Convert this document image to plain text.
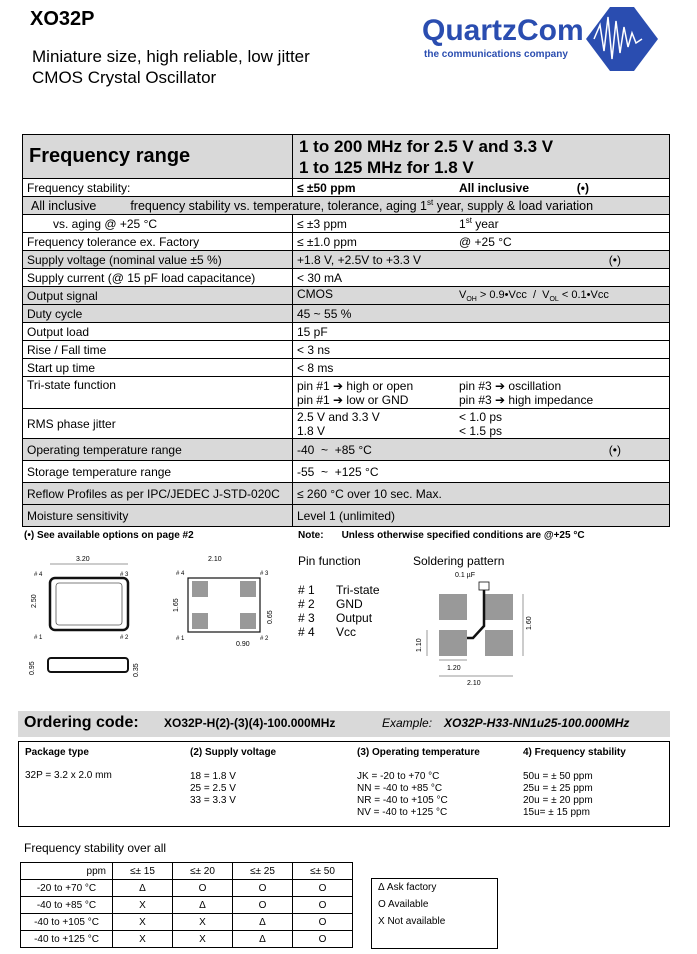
XO32P
Miniature size, high reliable, low jitter
CMOS Crystal Oscillator
QuartzCom
the communications company
Frequency range	1 to 200 MHz for 2.5 V and 3.3 V
1 to 125 MHz for 1.8 V

Frequency stability:	≤ ±50 ppm All inclusive (•)

All inclusive frequency stability vs. temperature, tolerance, aging 1st year, supply & load variation	
vs. aging @ +25 °C	≤ ±3 ppm 1st year
Frequency tolerance ex. Factory	≤ ±1.0 ppm @ +25 °C
Supply voltage (nominal value ±5 %)	+1.8 V, +2.5V to +3.3 V (•)

Supply current (@ 15 pF load capacitance)	< 30 mA
Output signal	CMOS $V_{OH}$ > 0.9•Vcc  /  $V_{OL}$ < 0.1•Vcc
Duty cycle	45 ~ 55 %
Output load	15 pF
Rise / Fall time	< 3 ns
Start up time	< 8 ms
Tri-state function	pin #1 ➔ high or open pin #3 ➔ oscillation
pin #1 ➔ low or GND pin #3 ➔ high impedance

RMS phase jitter	2.5 V and 3.3 V < 1.0 ps
1.8 V < 1.5 ps

Operating temperature range	-40  ~  +85 °C (•)

Storage temperature range	-55  ~  +125 °C
Reflow Profiles as per IPC/JEDEC J-STD-020C	≤ 260 °C over 10 sec. Max.
Moisture sensitivity	Level 1 (unlimited)
(•) See available options on page #2	Note: Unless otherwise specified conditions are @+25 °C
3.20
# 4	# 3
# 1	# 2
2.50
0.95	0.35
2.10
1.65
0.65
0.90
# 4	# 3
# 1	# 2
Pin function
# 1 Tri-state
# 2 GND
# 3 Output
# 4 Vcc
Soldering pattern
0.1 µF
1.20
2.10
1.60
1.10
Ordering code: XO32P-H(2)-(3)(4)-100.000MHz	Example: XO32P-H33-NN1u25-100.000MHz
Package type
32P = 3.2 x 2.0 mm
(2) Supply voltage
18 = 1.8 V
25 = 2.5 V
33 = 3.3 V
(3) Operating temperature
JK = -20 to +70 °C
NN = -40 to +85 °C
NR = -40 to +105 °C
NV = -40 to +125 °C
4) Frequency stability
50u = ± 50 ppm
25u = ± 25 ppm
20u = ± 20 ppm
15u= ± 15 ppm
Frequency stability over all
ppm	≤± 15	≤± 20	≤± 25	≤± 50
-20 to +70 °C	Δ	O	O	O
-40 to +85 °C	X	Δ	O	O
-40 to +105 °C	X	X	Δ	O
-40 to +125 °C	X	X	Δ	O
Δ Ask factory
O Available
X Not available
